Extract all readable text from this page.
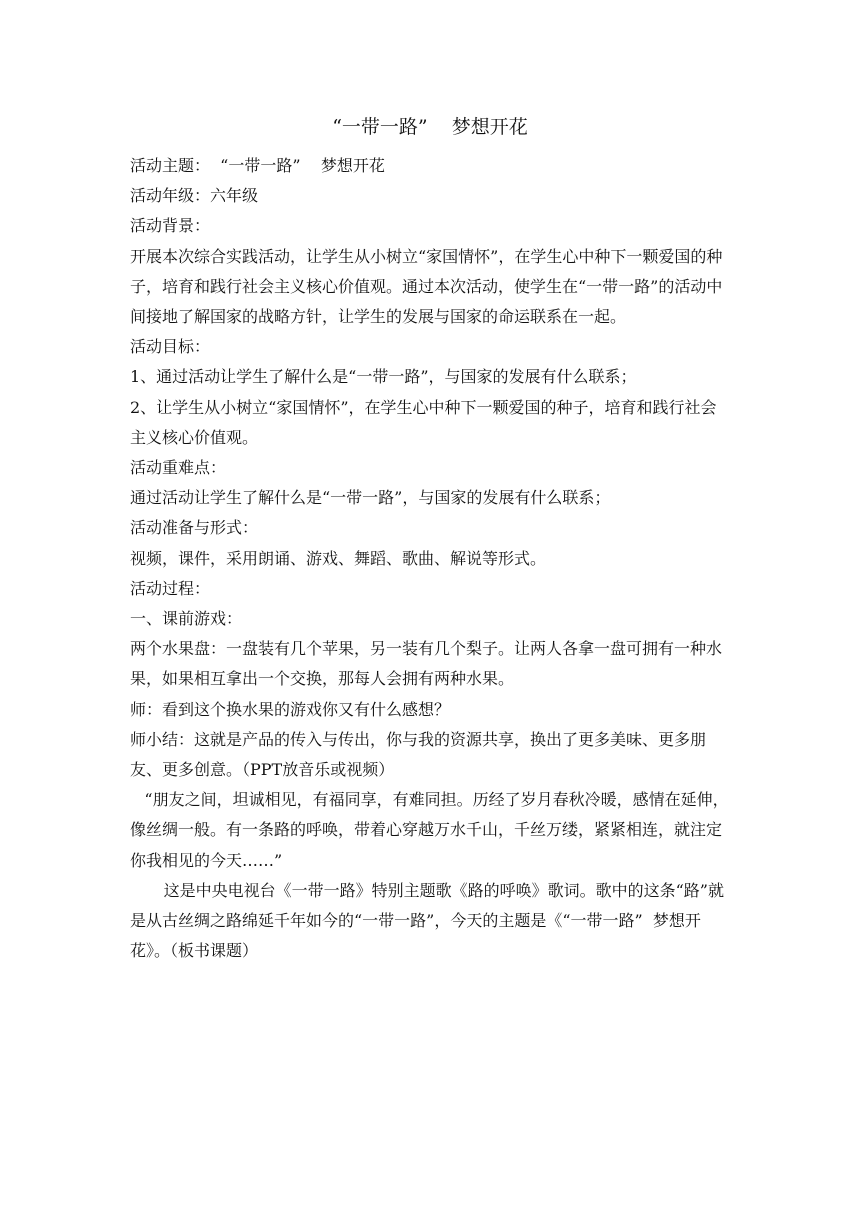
“一带一路”    梦想开花

活动主题：  “一带一路”    梦想开花

活动年级：六年级

活动背景：

开展本次综合实践活动，让学生从小树立“家国情怀”，在学生心中种下一颗爱国的种子，培育和践行社会主义核心价值观。通过本次活动，使学生在“一带一路”的活动中间接地了解国家的战略方针，让学生的发展与国家的命运联系在一起。

活动目标：

1、通过活动让学生了解什么是“一带一路”，与国家的发展有什么联系；

2、让学生从小树立“家国情怀”，在学生心中种下一颗爱国的种子，培育和践行社会主义核心价值观。

活动重难点：

通过活动让学生了解什么是“一带一路”，与国家的发展有什么联系；

活动准备与形式：

视频，课件，采用朗诵、游戏、舞蹈、歌曲、解说等形式。

活动过程：

一、课前游戏：

两个水果盘：一盘装有几个苹果，另一装有几个梨子。让两人各拿一盘可拥有一种水果，如果相互拿出一个交换，那每人会拥有两种水果。

师：看到这个换水果的游戏你又有什么感想？

师小结：这就是产品的传入与传出，你与我的资源共享，换出了更多美味、更多朋友、更多创意。（PPT放音乐或视频）

“朋友之间，坦诚相见，有福同享，有难同担。历经了岁月春秋冷暖，感情在延伸，像丝绸一般。有一条路的呼唤，带着心穿越万水千山，千丝万缕，紧紧相连，就注定你我相见的今天……”

这是中央电视台《一带一路》特别主题歌《路的呼唤》歌词。歌中的这条“路”就是从古丝绸之路绵延千年如今的“一带一路”，今天的主题是《“一带一路”  梦想开花》。（板书课题）
